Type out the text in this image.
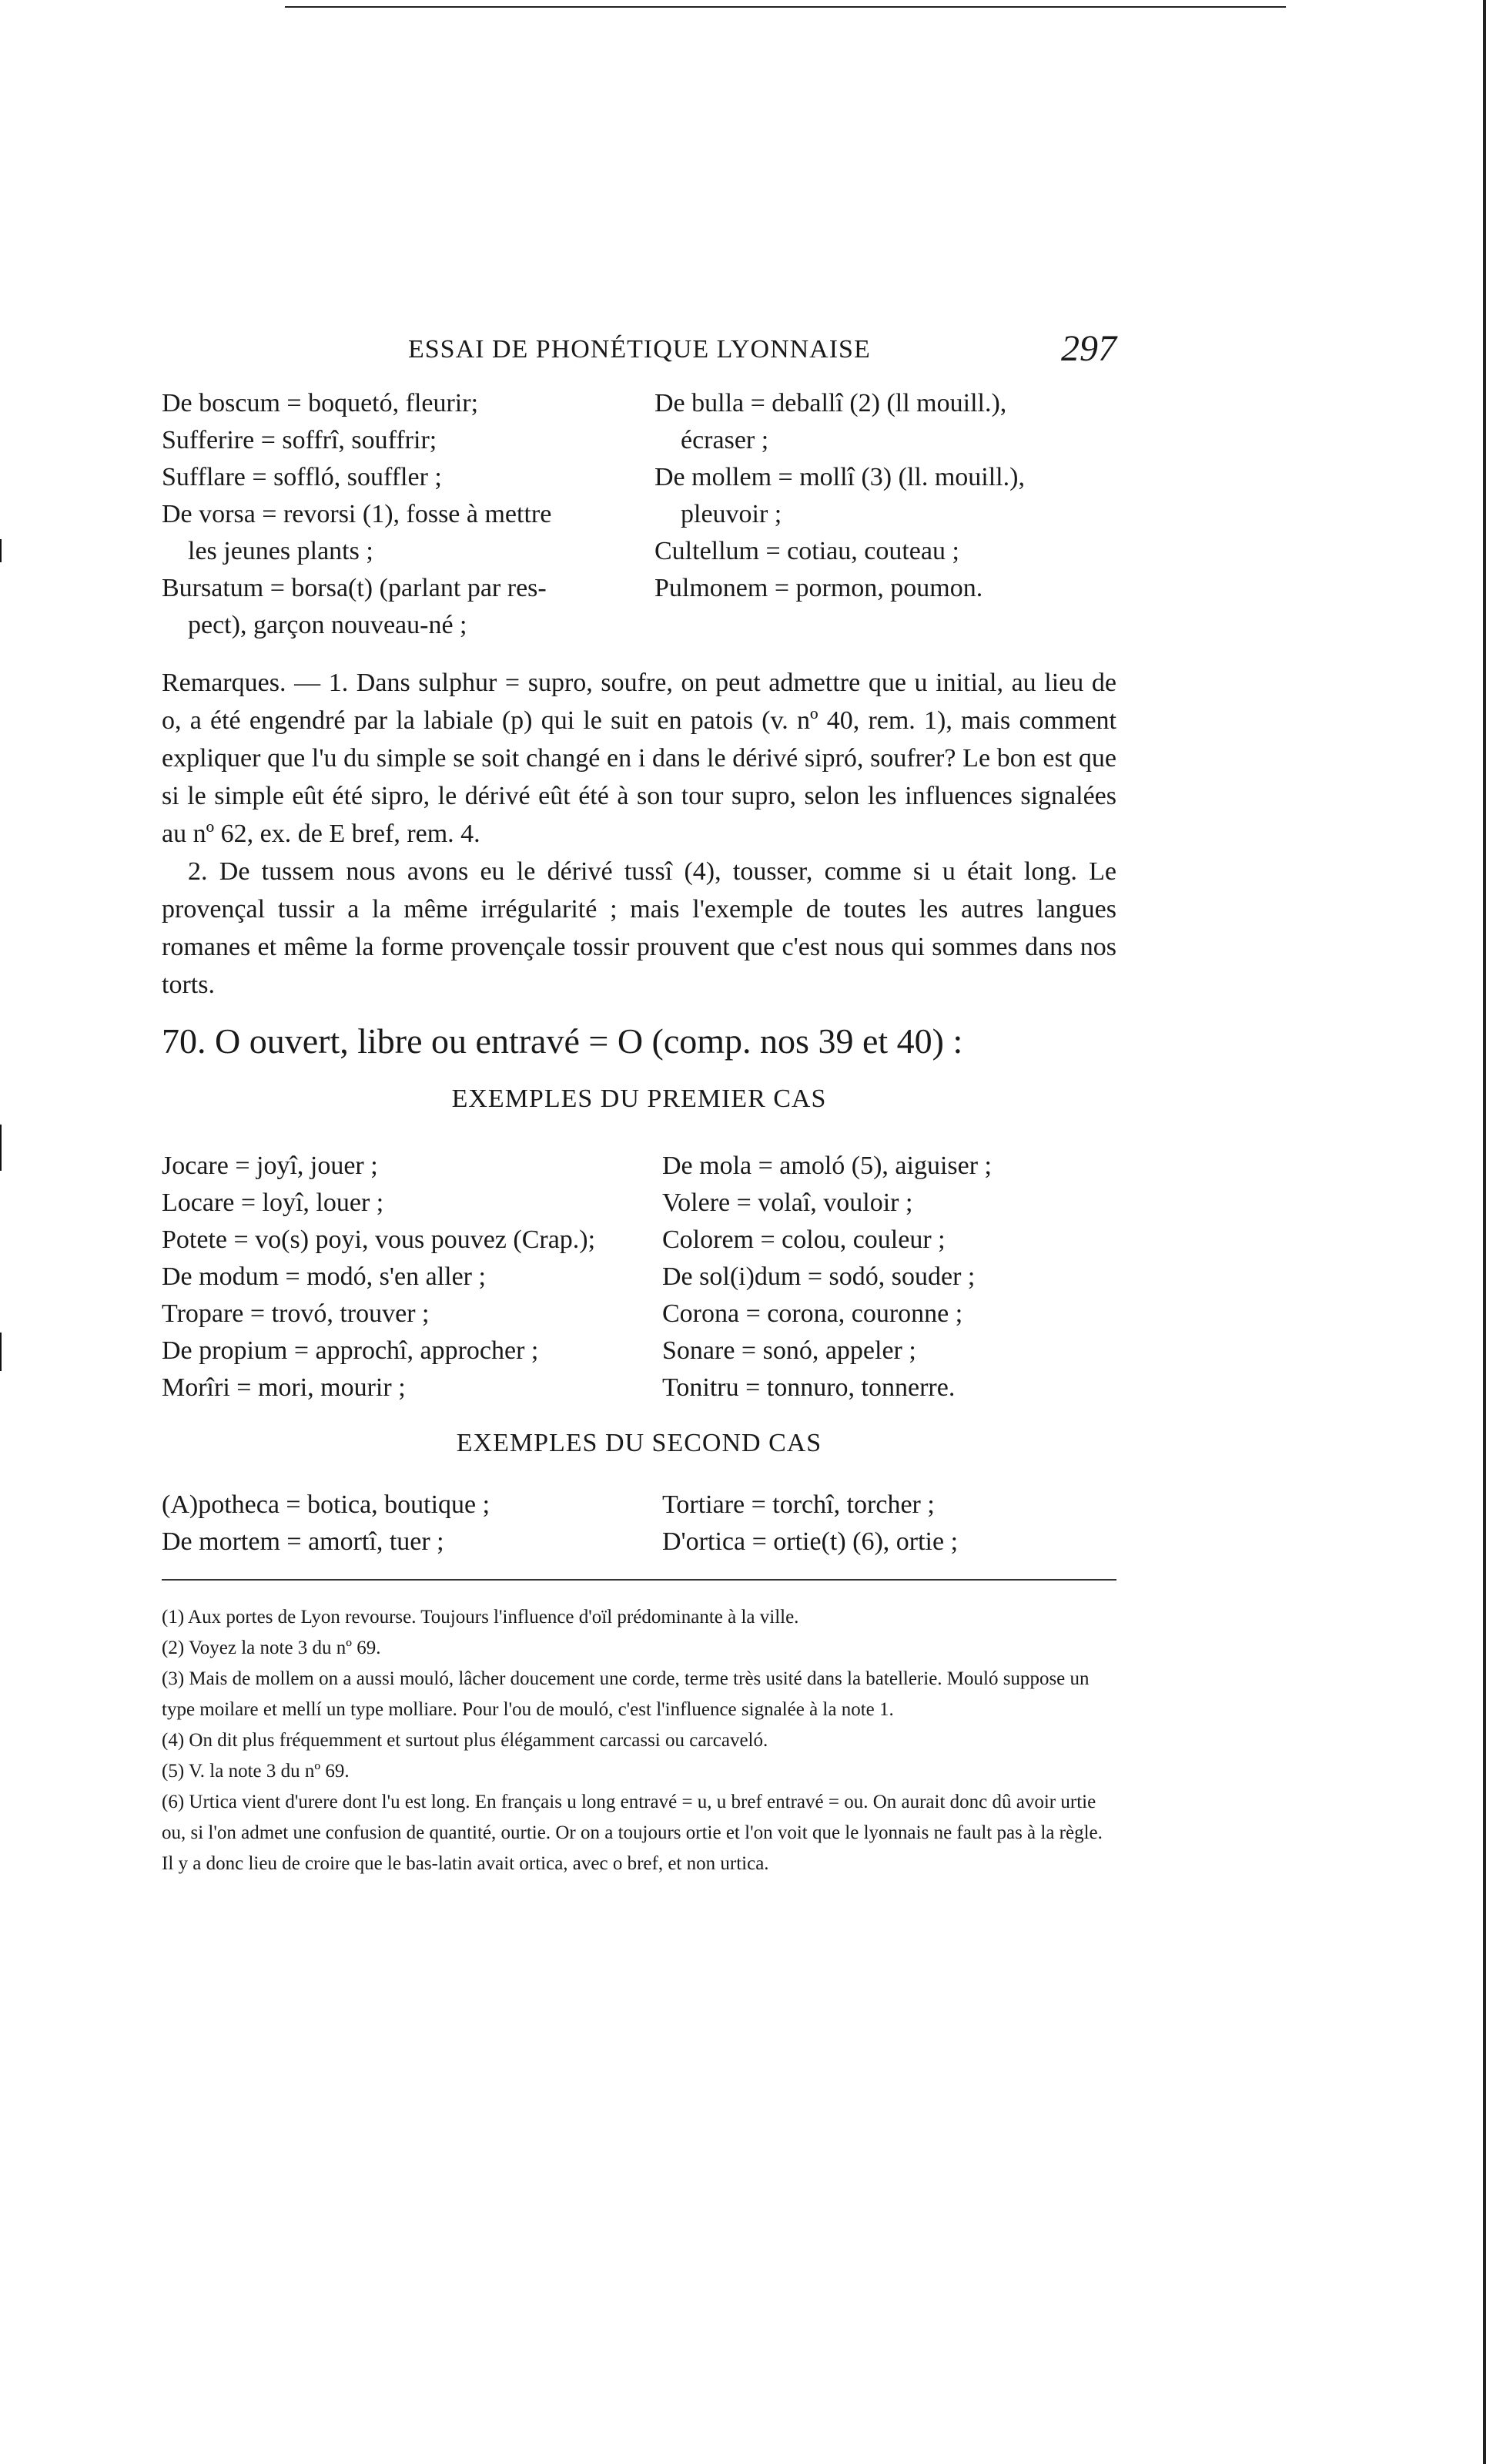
ESSAI DE PHONÉTIQUE LYONNAISE	297
De boscum = boquetó, fleurir;
Sufferire = soffrî, souffrir;
Sufflare = soffló, souffler ;
De vorsa = revorsi (1), fosse à mettre
les jeunes plants ;
Bursatum = borsa(t) (parlant par res-
pect), garçon nouveau-né ;
De bulla = deballî (2) (ll mouill.),
écraser ;
De mollem = mollî (3) (ll. mouill.),
pleuvoir ;
Cultellum = cotiau, couteau ;
Pulmonem = pormon, poumon.

Remarques. — 1. Dans sulphur = supro, soufre, on peut admettre que u initial, au lieu de o, a été engendré par la labiale (p) qui le suit en patois (v. nº 40, rem. 1), mais comment expliquer que l'u du simple se soit changé en i dans le dérivé sipró, soufrer? Le bon est que si le simple eût été sipro, le dérivé eût été à son tour supro, selon les influences signalées au nº 62, ex. de E bref, rem. 4.

2. De tussem nous avons eu le dérivé tussî (4), tousser, comme si u était long. Le provençal tussir a la même irrégularité ; mais l'exemple de toutes les autres langues romanes et même la forme provençale tossir prouvent que c'est nous qui sommes dans nos torts.

70. O ouvert, libre ou entravé = O (comp. nos 39 et 40) :
EXEMPLES DU PREMIER CAS
Jocare = joyî, jouer ;
Locare = loyî, louer ;
Potete = vo(s) poyi, vous pouvez (Crap.);
De modum = modó, s'en aller ;
Tropare = trovó, trouver ;
De propium = approchî, approcher ;
Morîri = mori, mourir ;
De mola = amoló (5), aiguiser ;
Volere = volaî, vouloir ;
Colorem = colou, couleur ;
De sol(i)dum = sodó, souder ;
Corona = corona, couronne ;
Sonare = sonó, appeler ;
Tonitru = tonnuro, tonnerre.
EXEMPLES DU SECOND CAS
(A)potheca = botica, boutique ;
De mortem = amortî, tuer ;
Tortiare = torchî, torcher ;
D'ortica = ortie(t) (6), ortie ;

(1) Aux portes de Lyon revourse. Toujours l'influence d'oïl prédominante à la ville.

(2) Voyez la note 3 du nº 69.

(3) Mais de mollem on a aussi mouló, lâcher doucement une corde, terme très usité dans la batellerie. Mouló suppose un type moilare et mellí un type molliare. Pour l'ou de mouló, c'est l'influence signalée à la note 1.

(4) On dit plus fréquemment et surtout plus élégamment carcassi ou carcaveló.

(5) V. la note 3 du nº 69.

(6) Urtica vient d'urere dont l'u est long. En français u long entravé = u, u bref entravé = ou. On aurait donc dû avoir urtie ou, si l'on admet une confusion de quantité, ourtie. Or on a toujours ortie et l'on voit que le lyonnais ne fault pas à la règle. Il y a donc lieu de croire que le bas-latin avait ortica, avec o bref, et non urtica.
